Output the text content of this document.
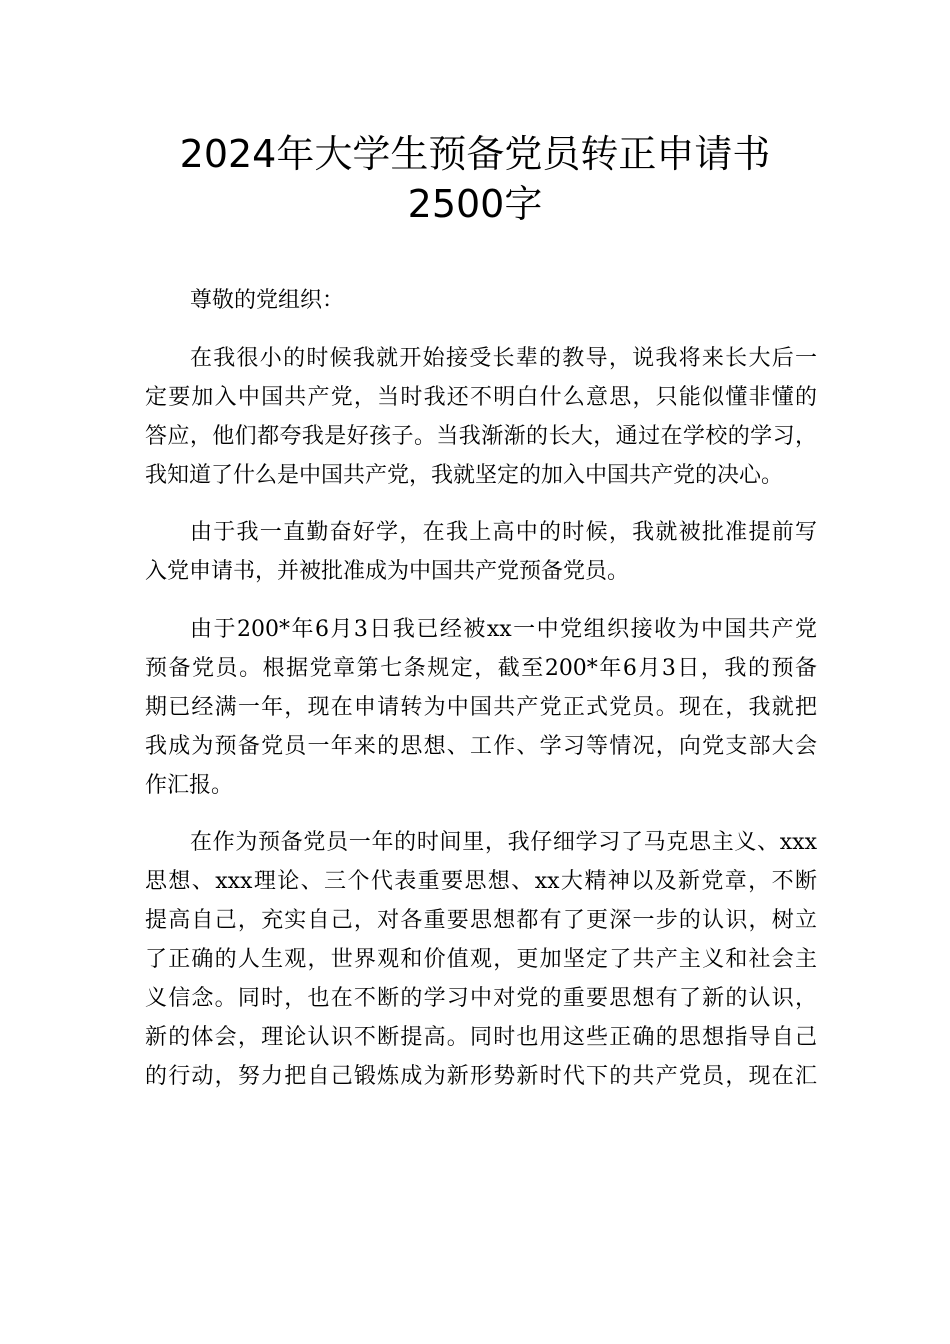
2024年大学生预备党员转正申请书
2500字
尊敬的党组织：
在我很小的时候我就开始接受长辈的教导，说我将来长大后一
定要加入中国共产党，当时我还不明白什么意思，只能似懂非懂的
答应，他们都夸我是好孩子。当我渐渐的长大，通过在学校的学习，
我知道了什么是中国共产党，我就坚定的加入中国共产党的决心。
由于我一直勤奋好学，在我上高中的时候，我就被批准提前写
入党申请书，并被批准成为中国共产党预备党员。
由于200*年6月3日我已经被xx一中党组织接收为中国共产党
预备党员。根据党章第七条规定，截至200*年6月3日，我的预备
期已经满一年，现在申请转为中国共产党正式党员。现在，我就把
我成为预备党员一年来的思想、工作、学习等情况，向党支部大会
作汇报。
在作为预备党员一年的时间里，我仔细学习了马克思主义、xxx
思想、xxx理论、三个代表重要思想、xx大精神以及新党章，不断
提高自己，充实自己，对各重要思想都有了更深一步的认识，树立
了正确的人生观，世界观和价值观，更加坚定了共产主义和社会主
义信念。同时，也在不断的学习中对党的重要思想有了新的认识，
新的体会，理论认识不断提高。同时也用这些正确的思想指导自己
的行动，努力把自己锻炼成为新形势新时代下的共产党员，现在汇
